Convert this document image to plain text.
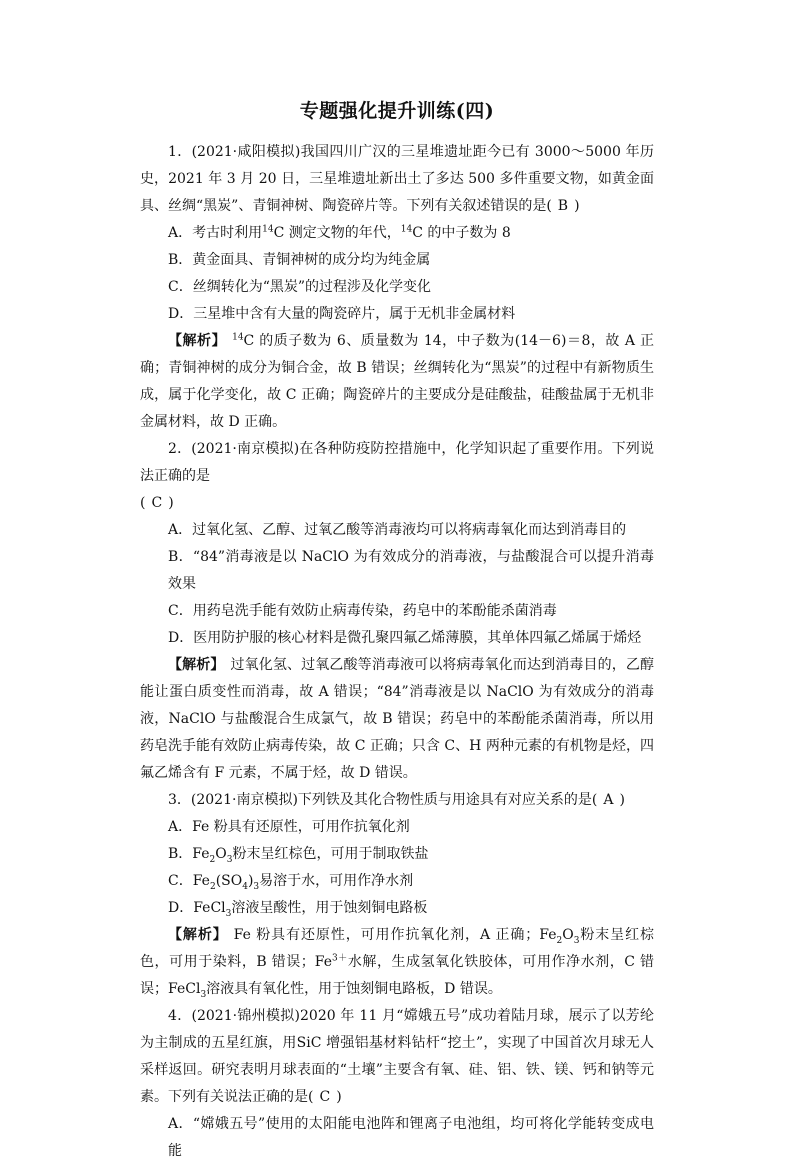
专题强化提升训练(四)

1．(2021·咸阳模拟)我国四川广汉的三星堆遗址距今已有 3000～5000 年历史，2021 年 3 月 20 日，三星堆遗址新出土了多达 500 多件重要文物，如黄金面具、丝绸“黑炭”、青铜神树、陶瓷碎片等。下列有关叙述错误的是( B )

A．考古时利用$^{14}$C 测定文物的年代，$^{14}$C 的中子数为 8

B．黄金面具、青铜神树的成分均为纯金属

C．丝绸转化为“黑炭”的过程涉及化学变化

D．三星堆中含有大量的陶瓷碎片，属于无机非金属材料

【解析】 $^{14}$C 的质子数为 6、质量数为 14，中子数为(14－6)＝8，故 A 正确；青铜神树的成分为铜合金，故 B 错误；丝绸转化为“黑炭”的过程中有新物质生成，属于化学变化，故 C 正确；陶瓷碎片的主要成分是硅酸盐，硅酸盐属于无机非金属材料，故 D 正确。

2．(2021·南京模拟)在各种防疫防控措施中，化学知识起了重要作用。下列说法正确的是
( C )

A．过氧化氢、乙醇、过氧乙酸等消毒液均可以将病毒氧化而达到消毒目的

B．“84”消毒液是以 NaClO 为有效成分的消毒液，与盐酸混合可以提升消毒效果

C．用药皂洗手能有效防止病毒传染，药皂中的苯酚能杀菌消毒

D．医用防护服的核心材料是微孔聚四氟乙烯薄膜，其单体四氟乙烯属于烯烃

【解析】 过氧化氢、过氧乙酸等消毒液可以将病毒氧化而达到消毒目的，乙醇能让蛋白质变性而消毒，故 A 错误；“84”消毒液是以 NaClO 为有效成分的消毒液，NaClO 与盐酸混合生成氯气，故 B 错误；药皂中的苯酚能杀菌消毒，所以用药皂洗手能有效防止病毒传染，故 C 正确；只含 C、H 两种元素的有机物是烃，四氟乙烯含有 F 元素，不属于烃，故 D 错误。

3．(2021·南京模拟)下列铁及其化合物性质与用途具有对应关系的是( A )

A．Fe 粉具有还原性，可用作抗氧化剂

B．$Fe_2O_3$粉末呈红棕色，可用于制取铁盐

C．$Fe_2(SO_4)_3$易溶于水，可用作净水剂

D．FeCl$_3$溶液呈酸性，用于蚀刻铜电路板

【解析】 Fe 粉具有还原性，可用作抗氧化剂，A 正确；$Fe_2O_3$粉末呈红棕色，可用于染料，B 错误；$Fe^{3+}$水解，生成氢氧化铁胶体，可用作净水剂，C 错误；FeCl$_3$溶液具有氧化性，用于蚀刻铜电路板，D 错误。

4．(2021·锦州模拟)2020 年 11 月“嫦娥五号”成功着陆月球，展示了以芳纶为主制成的五星红旗，用SiC 增强铝基材料钻杆“挖土”，实现了中国首次月球无人采样返回。研究表明月球表面的“土壤”主要含有氧、硅、铝、铁、镁、钙和钠等元素。下列有关说法正确的是( C )

A．“嫦娥五号”使用的太阳能电池阵和锂离子电池组，均可将化学能转变成电能
